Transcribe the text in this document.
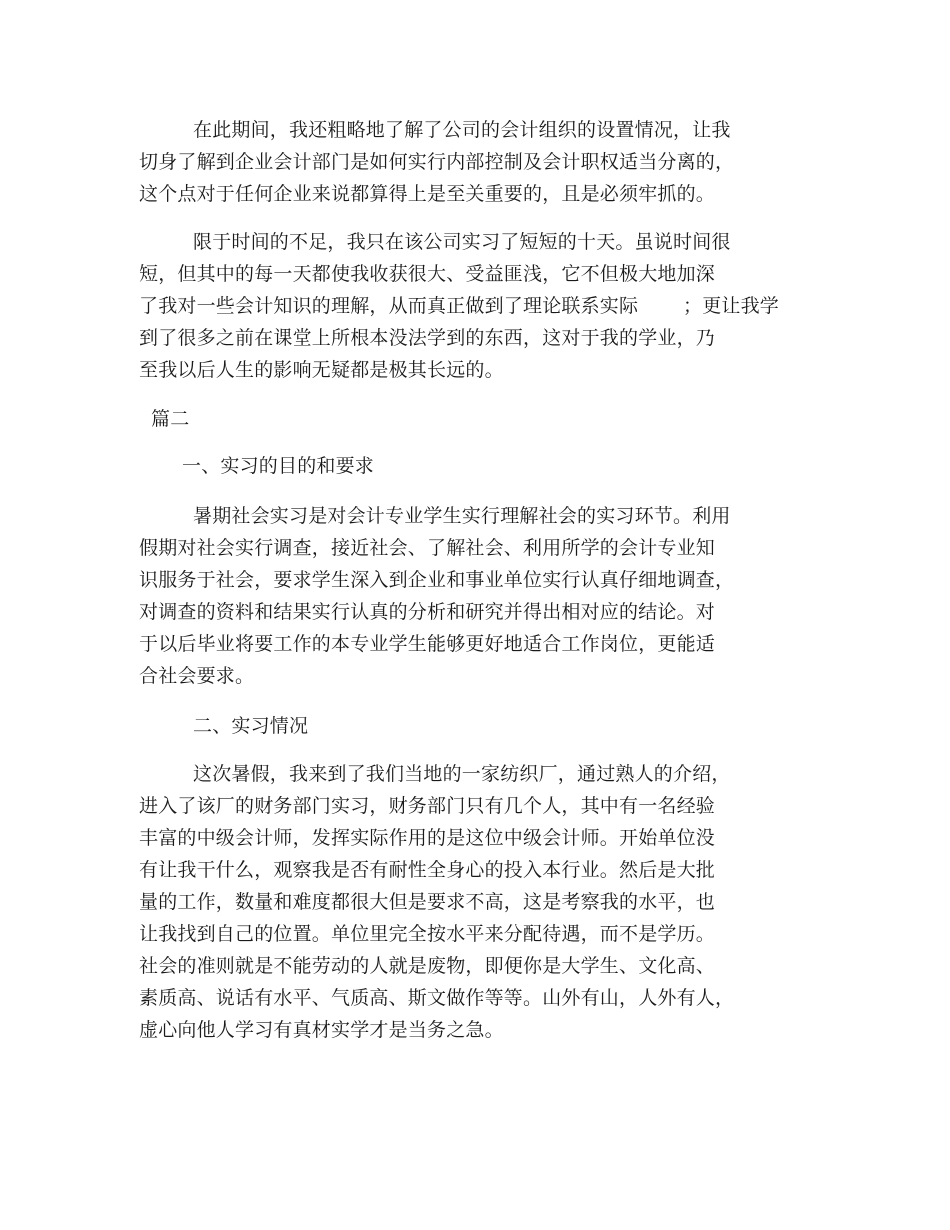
在此期间，我还粗略地了解了公司的会计组织的设置情况，让我
切身了解到企业会计部门是如何实行内部控制及会计职权适当分离的，
这个点对于任何企业来说都算得上是至关重要的，且是必须牢抓的。
限于时间的不足，我只在该公司实习了短短的十天。虽说时间很
短，但其中的每一天都使我收获很大、受益匪浅，它不但极大地加深
了我对一些会计知识的理解，从而真正做到了理论联系实际 ；更让我学
到了很多之前在课堂上所根本没法学到的东西，这对于我的学业，乃
至我以后人生的影响无疑都是极其长远的。
篇二
一、实习的目的和要求
暑期社会实习是对会计专业学生实行理解社会的实习环节。利用
假期对社会实行调查，接近社会、了解社会、利用所学的会计专业知
识服务于社会，要求学生深入到企业和事业单位实行认真仔细地调查，
对调查的资料和结果实行认真的分析和研究并得出相对应的结论。对
于以后毕业将要工作的本专业学生能够更好地适合工作岗位，更能适
合社会要求。
二、实习情况
这次暑假，我来到了我们当地的一家纺织厂，通过熟人的介绍，
进入了该厂的财务部门实习，财务部门只有几个人，其中有一名经验
丰富的中级会计师，发挥实际作用的是这位中级会计师。开始单位没
有让我干什么，观察我是否有耐性全身心的投入本行业。然后是大批
量的工作，数量和难度都很大但是要求不高，这是考察我的水平，也
让我找到自己的位置。单位里完全按水平来分配待遇，而不是学历。
社会的准则就是不能劳动的人就是废物，即便你是大学生、文化高、
素质高、说话有水平、气质高、斯文做作等等。山外有山，人外有人，
虚心向他人学习有真材实学才是当务之急。
